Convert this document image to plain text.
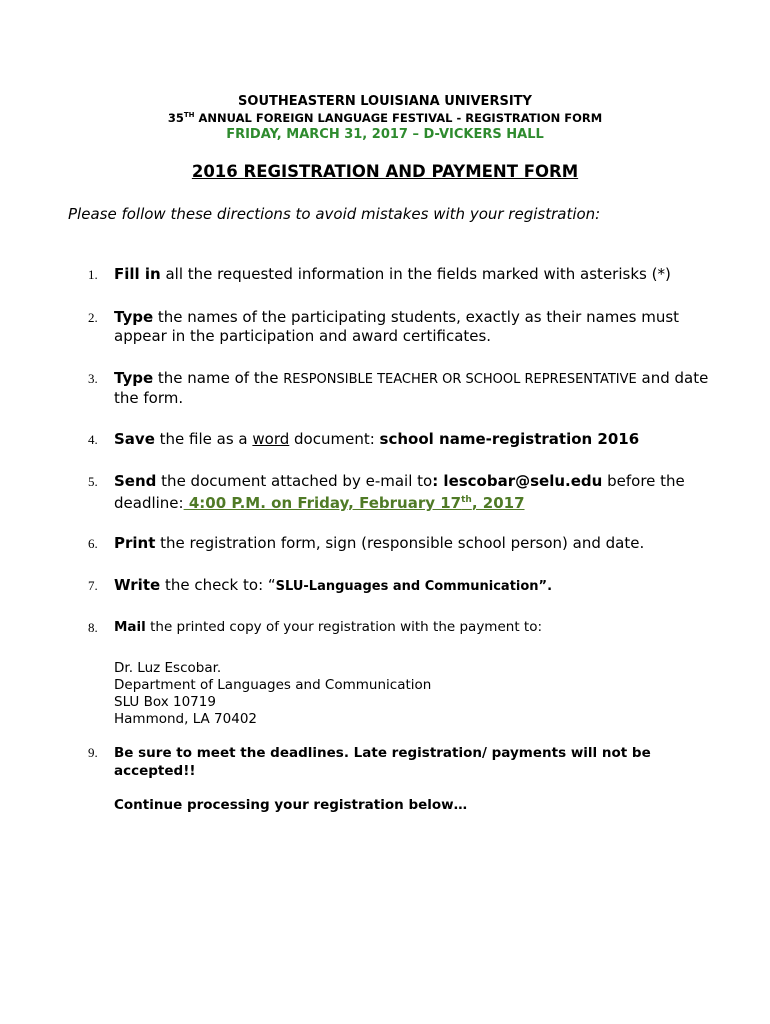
SOUTHEASTERN LOUISIANA UNIVERSITY
35TH ANNUAL FOREIGN LANGUAGE FESTIVAL - REGISTRATION FORM
FRIDAY, MARCH 31, 2017 – D-VICKERS HALL
2016 REGISTRATION AND PAYMENT FORM
Please follow these directions to avoid mistakes with your registration:
1. Fill in all the requested information in the fields marked with asterisks (*)
2. Type the names of the participating students, exactly as their names must appear in the participation and award certificates.
3. Type the name of the RESPONSIBLE TEACHER OR SCHOOL REPRESENTATIVE and date the form.
4. Save the file as a word document: school name-registration 2016
5. Send the document attached by e-mail to: lescobar@selu.edu before the deadline: 4:00 P.M. on Friday, February 17th, 2017
6. Print the registration form, sign (responsible school person) and date.
7. Write the check to: “SLU-Languages and Communication”.
8. Mail the printed copy of your registration with the payment to:
Dr. Luz Escobar.
Department of Languages and Communication
SLU Box 10719
Hammond, LA 70402
9. Be sure to meet the deadlines. Late registration/ payments will not be accepted!!
Continue processing your registration below…
